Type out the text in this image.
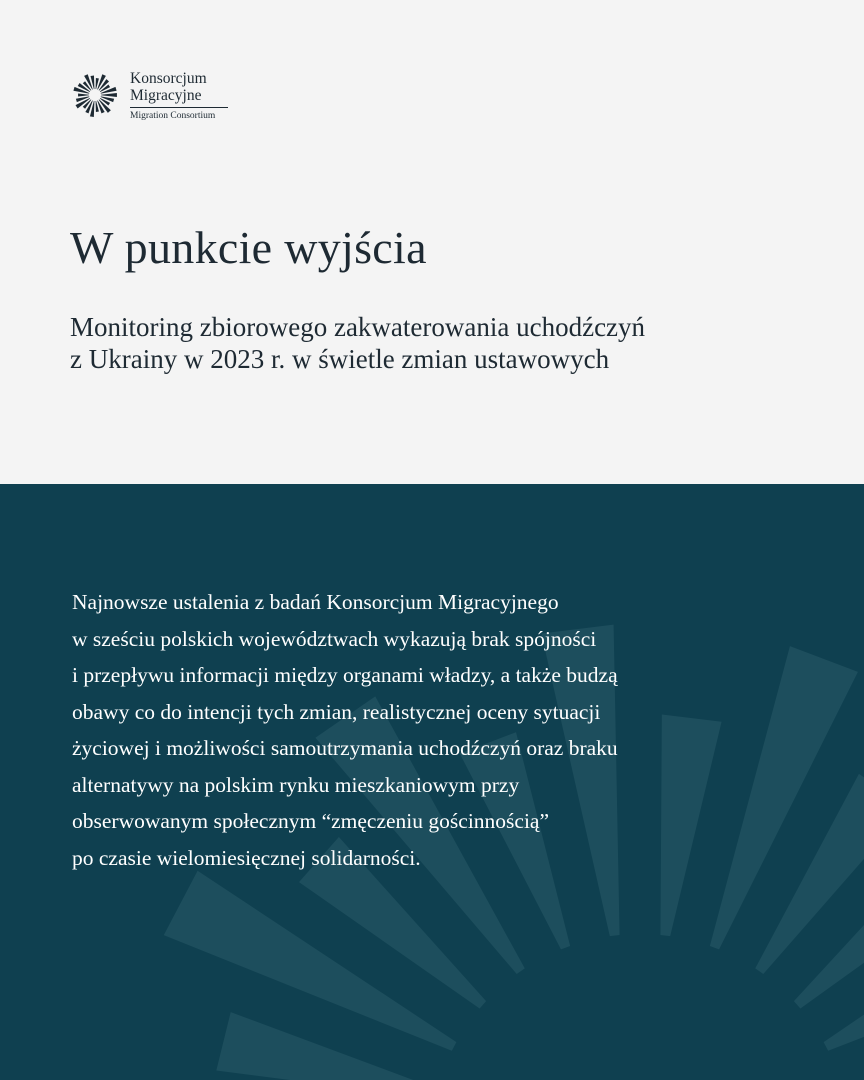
Konsorcjum
Migracyjne
Migration Consortium
W punkcie wyjścia
Monitoring zbiorowego zakwaterowania uchodźczyń
z Ukrainy w 2023 r. w świetle zmian ustawowych

Najnowsze ustalenia z badań Konsorcjum Migracyjnego
w sześciu polskich województwach wykazują brak spójności
i przepływu informacji między organami władzy, a także budzą
obawy co do intencji tych zmian, realistycznej oceny sytuacji
życiowej i możliwości samoutrzymania uchodźczyń oraz braku
alternatywy na polskim rynku mieszkaniowym przy
obserwowanym społecznym “zmęczeniu gościnnością”
po czasie wielomiesięcznej solidarności.
